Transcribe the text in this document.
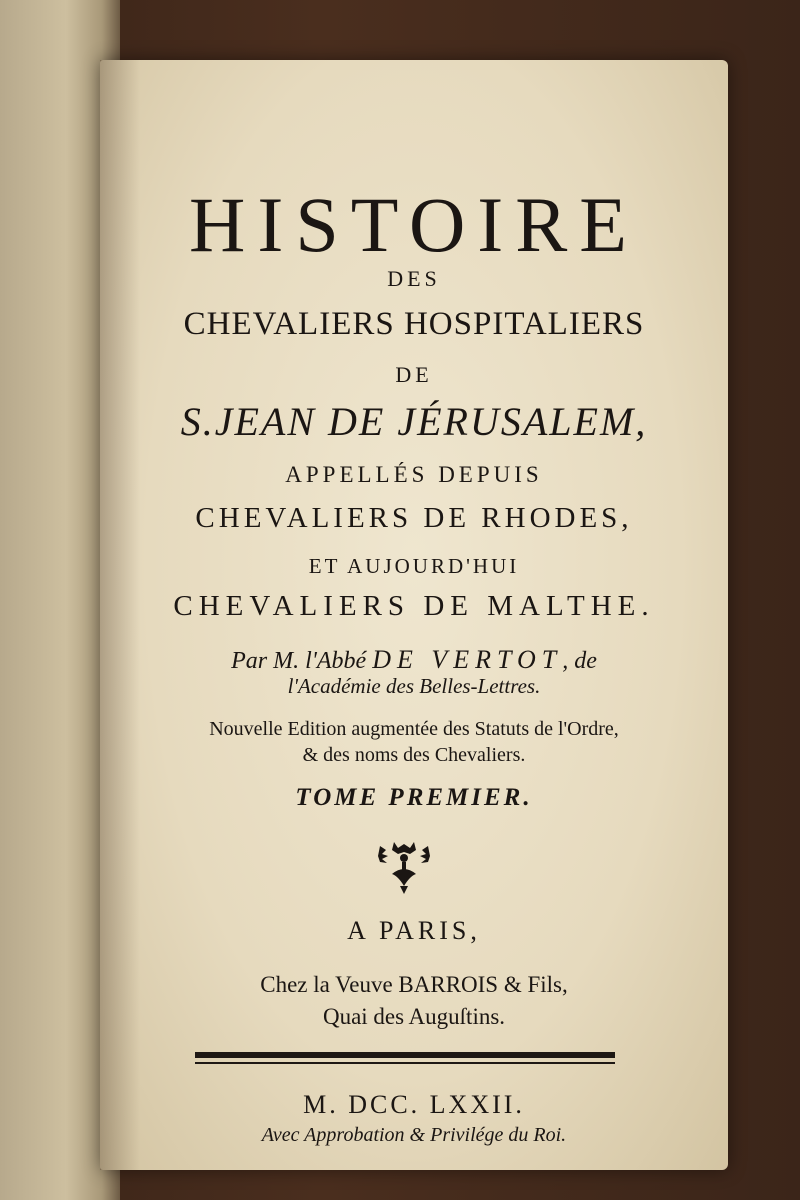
HISTOIRE

DES

CHEVALIERS HOSPITALIERS

DE

S.JEAN DE JÉRUSALEM,

APPELLÉS DEPUIS

CHEVALIERS DE RHODES,

ET AUJOURD'HUI

CHEVALIERS DE MALTHE.

Par M. l'Abbé DE VERTOT, de

l'Académie des Belles-Lettres.

Nouvelle Edition augmentée des Statuts de l'Ordre,

& des noms des Chevaliers.

TOME PREMIER.

A PARIS,

Chez la Veuve BARROIS & Fils,

Quai des Auguſtins.

M. DCC. LXXII.

Avec Approbation & Privilége du Roi.
